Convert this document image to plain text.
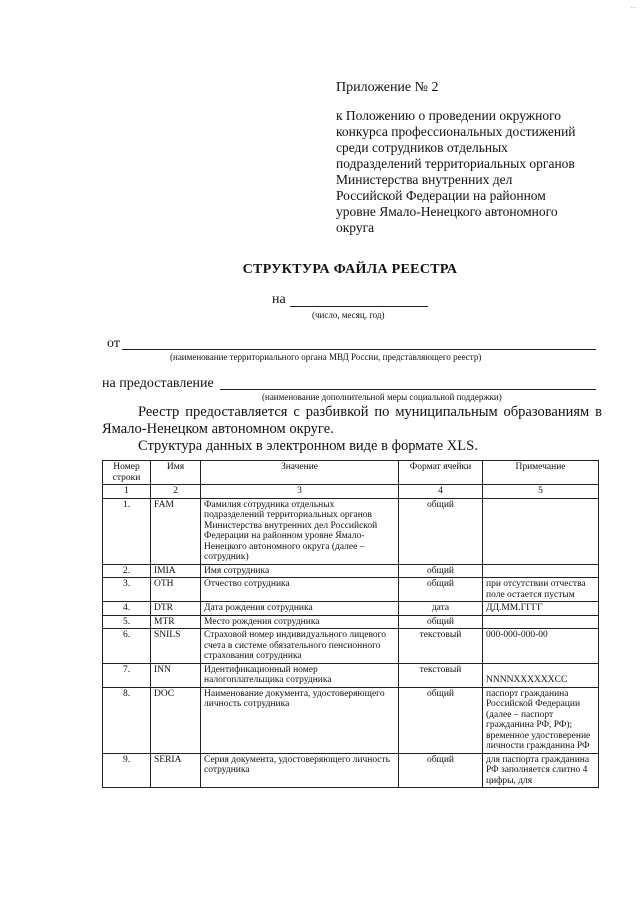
...
Приложение № 2
к Положению о проведении окружного
конкурса профессиональных достижений
среди сотрудников отдельных
подразделений территориальных органов
Министерства внутренних дел
Российской Федерации на районном
уровне Ямало-Ненецкого автономного
округа
СТРУКТУРА ФАЙЛА РЕЕСТРА
на
(число, месяц, год)
от
(наименование территориального органа МВД России, представляющего реестр)
на предоставление
(наименование дополнительной меры социальной поддержки)
Реестр предоставляется с разбивкой по муниципальным образованиям в Ямало-Ненецком автономном округе.
Структура данных в электронном виде в формате XLS.
Номер строки	Имя	Значение	Формат ячейки	Примечание
1	2	3	4	5
1.	FAM	Фамилия сотрудника отдельных подразделений территориальных органов Министерства внутренних дел Российской Федерации на районном уровне Ямало-Ненецкого автономного округа (далее – сотрудник)	общий	
2.	IMIA	Имя сотрудника	общий	
3.	OTH	Отчество сотрудника	общий	при отсутствии отчества поле остается пустым
4.	DTR	Дата рождения сотрудника	дата	ДД.ММ.ГГГГ
5.	MTR	Место рождения сотрудника	общий	
6.	SNILS	Страховой номер индивидуального лицевого счета в системе обязательного пенсионного страхования сотрудника	текстовый	000-000-000-00
7.	INN	Идентификационный номер налогоплательщика сотрудника	текстовый	NNNNXXXXXXCC
8.	DOC	Наименование документа, удостоверяющего личность сотрудника	общий	паспорт гражданина Российской Федерации (далее – паспорт гражданина РФ, РФ); временное удостоверение личности гражданина РФ
9.	SERIA	Серия документа, удостоверяющего личность сотрудника	общий	для паспорта гражданина РФ заполняется слитно 4 цифры, для
